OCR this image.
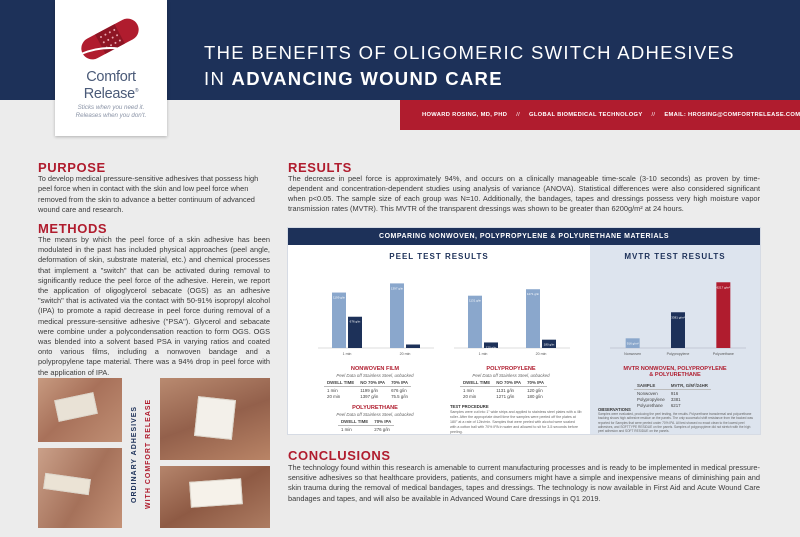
THE BENEFITS OF OLIGOMERIC SWITCH ADHESIVES
IN ADVANCING WOUND CARE
HOWARD ROSING, MD, PHD // GLOBAL BIOMEDICAL TECHNOLOGY // EMAIL: HROSING@COMFORTRELEASE.COM
Comfort
Release®
Sticks when you need it.
Releases when you don't.
PURPOSE
To develop medical pressure-sensitive adhesives that possess high peel force when in contact with the skin and low peel force when removed from the skin to advance a better continuum of advanced wound care and research.
METHODS
The means by which the peel force of a skin adhesive has been modulated in the past has included physical approaches (peel angle, deformation of skin, substrate material, etc.) and chemical processes that implement a "switch" that can be activated during removal to significantly reduce the peel force of the adhesive. Herein, we report the application of oligoglycerol sebacate (OGS) as an adhesive "switch" that is activated via the contact with 50-91% isopropyl alcohol (IPA) to promote a rapid decrease in peel force during removal of a medical pressure-sensitive adhesive ("PSA"). Glycerol and sebacate were combine under a polycondensation reaction to form OGS. OGS was blended into a solvent based PSA in varying ratios and coated onto various films, including a nonwoven bandage and a polypropylene tape material. There was a 94% drop in peel force with the application of IPA.
ORDINARY ADHESIVES WITH COMFORT RELEASE
RESULTS
The decrease in peel force is approximately 94%, and occurs on a clinically manageable time-scale (3-10 seconds) as proven by time-dependent and concentration-dependent studies using analysis of variance (ANOVA). Statistical differences were also considered significant when p<0.05. The sample size of each group was N=10. Additionally, the bandages, tapes and dressings possess very high moisture vapor transmission rates (MVTR). This MVTR of the transparent dressings was shown to be greater than 6200g/m² at 24 hours.
COMPARING NONWOVEN, POLYPROPYLENE & POLYURETHANE MATERIALS
PEEL TEST RESULTS	MVTR TEST RESULTS
1199 g/in
676 g/in
1 min
1397 g/in
75.5 g/in
20 min
1131 g/in
120 g/in
1 min
1271 g/in
180 g/in
20 min
916 g/m²
Nonwoven
3381 g/m²
Polypropylene
6217 g/m²
Polyurethane
NONWOVEN FILM
Peel Data off Stainless Steel, unbacked
DWELL TIME	NO 70% IPA	70% IPA
1 min	1199 g/in	676 g/in
20 min	1397 g/in	75.5 g/in
POLYPROPYLENE
Peel Data off Stainless Steel, unbacked
DWELL TIME	NO 70% IPA	70% IPA
1 min	1131 g/in	120 g/in
20 min	1271 g/in	180 g/in
POLYURETHANE
Peel Data off Stainless Steel, unbacked
DWELL TIME	70% IPA
1 min	276 g/in
TEST PROCEDURE
Samples were cut into 1" wide strips and applied to stainless steel plates with a 4lb roller. After the appropriate dwell time the samples were peeled off the plates at 180° at a rate of 12in/min. Samples that were peeled with alcohol were soaked with a cotton ball with 70% IPA in water and allowed to sit for 3-5 seconds before peeling.
MVTR NONWOVEN, POLYPROPYLENE
& POLYURETHANE
SAMPLE	MVTR, G/M²/24HR
Nonwoven	916
Polypropylene	3381
Polyurethane	6217
OBSERVATIONS
Samples were evaluated, producing the peel testing, the results. Polyurethane transdermal and polyurethane backing shows high adhesive residue on the panels. The only successful shift resistance from the backed was reported for Samples that were peeled under 70% IPA. All test showed no exact clean to the lowest peel adhesives, and SOFTTYPE RESIDUE on the panels. Samples of polypropylene did not stretch with the high peel adhesion and SOFT RESIDUE on the panels.
CONCLUSIONS
The technology found within this research is amenable to current manufacturing processes and is ready to be implemented in medical pressure-sensitive adhesives so that healthcare providers, patients, and consumers might have a simple and inexpensive means of diminishing pain and skin trauma during the removal of medical bandages, tapes and dressings. The technology is now available in First Aid and Acute Wound Care bandages and tapes, and will also be available in Advanced Wound Care dressings in Q1 2019.
